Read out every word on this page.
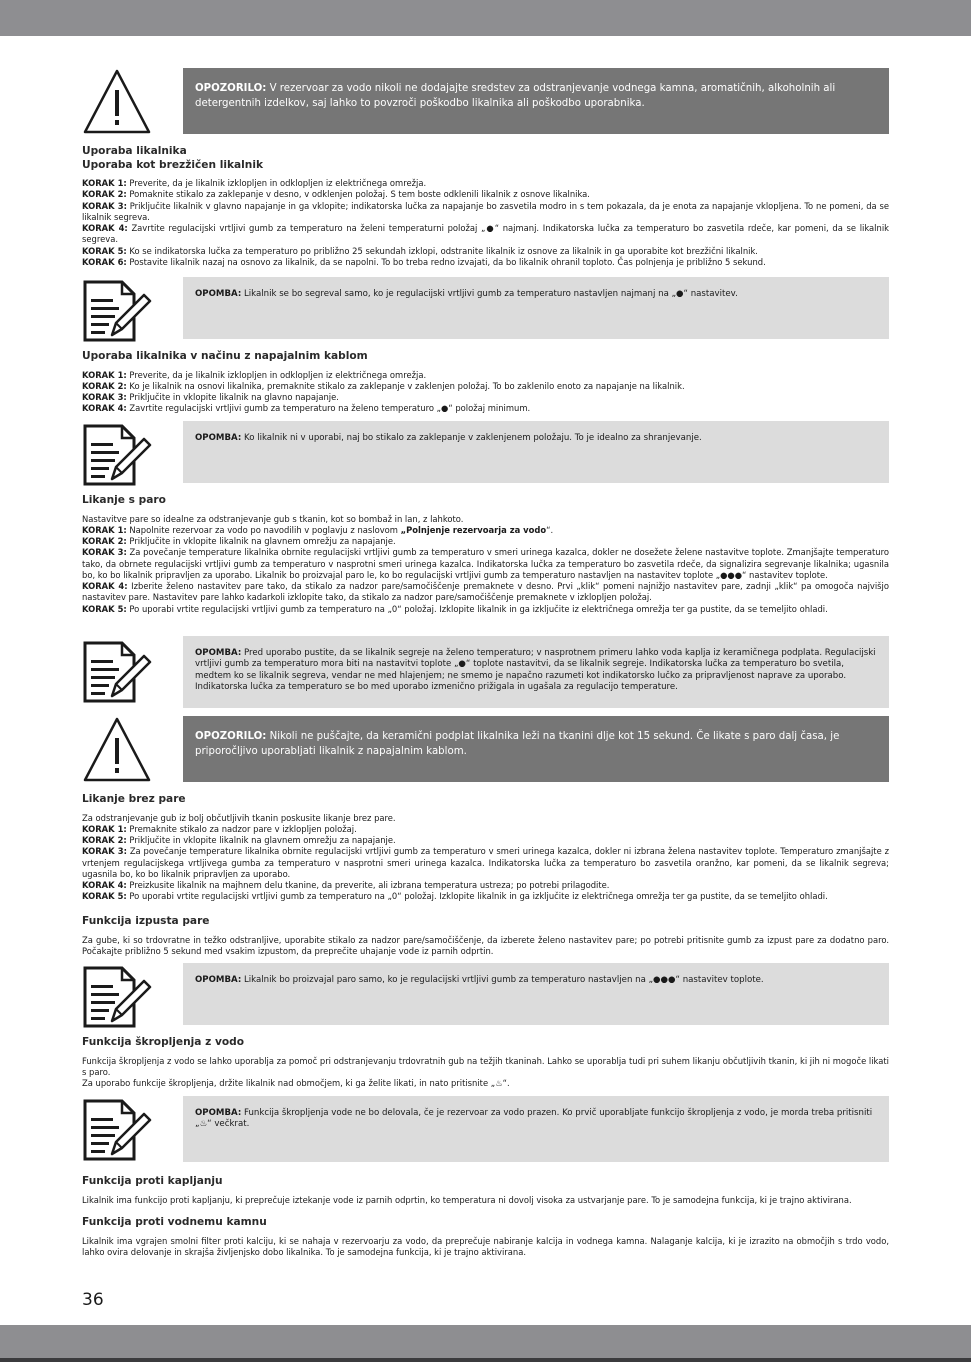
OPOZORILO: V rezervoar za vodo nikoli ne dodajajte sredstev za odstranjevanje vodnega kamna, aromatičnih, alkoholnih ali detergentnih izdelkov, saj lahko to povzroči poškodbo likalnika ali poškodbo uporabnika.

Uporaba likalnika

Uporaba kot brezžičen likalnik

KORAK 1: Preverite, da je likalnik izklopljen in odklopljen iz električnega omrežja.

KORAK 2: Pomaknite stikalo za zaklepanje v desno, v odklenjen položaj. S tem boste odklenili likalnik z osnove likalnika.

KORAK 3: Priključite likalnik v glavno napajanje in ga vklopite; indikatorska lučka za napajanje bo zasvetila modro in s tem pokazala, da je enota za napajanje vklopljena. To ne pomeni, da se likalnik segreva.

KORAK 4: Zavrtite regulacijski vrtljivi gumb za temperaturo na želeni temperaturni položaj „●“ najmanj. Indikatorska lučka za temperaturo bo zasvetila rdeče, kar pomeni, da se likalnik segreva.

KORAK 5: Ko se indikatorska lučka za temperaturo po približno 25 sekundah izklopi, odstranite likalnik iz osnove za likalnik in ga uporabite kot brezžični likalnik.

KORAK 6: Postavite likalnik nazaj na osnovo za likalnik, da se napolni. To bo treba redno izvajati, da bo likalnik ohranil toploto. Čas polnjenja je približno 5 sekund.

OPOMBA: Likalnik se bo segreval samo, ko je regulacijski vrtljivi gumb za temperaturo nastavljen najmanj na „●“ nastavitev.

Uporaba likalnika v načinu z napajalnim kablom

KORAK 1: Preverite, da je likalnik izklopljen in odklopljen iz električnega omrežja.

KORAK 2: Ko je likalnik na osnovi likalnika, premaknite stikalo za zaklepanje v zaklenjen položaj. To bo zaklenilo enoto za napajanje na likalnik.

KORAK 3: Priključite in vklopite likalnik na glavno napajanje.

KORAK 4: Zavrtite regulacijski vrtljivi gumb za temperaturo na želeno temperaturo „●“ položaj minimum.

OPOMBA: Ko likalnik ni v uporabi, naj bo stikalo za zaklepanje v zaklenjenem položaju. To je idealno za shranjevanje.

Likanje s paro

Nastavitve pare so idealne za odstranjevanje gub s tkanin, kot so bombaž in lan, z lahkoto.

KORAK 1: Napolnite rezervoar za vodo po navodilih v poglavju z naslovom „Polnjenje rezervoarja za vodo“.

KORAK 2: Priključite in vklopite likalnik na glavnem omrežju za napajanje.

KORAK 3: Za povečanje temperature likalnika obrnite regulacijski vrtljivi gumb za temperaturo v smeri urinega kazalca, dokler ne dosežete želene nastavitve toplote. Zmanjšajte temperaturo tako, da obrnete regulacijski vrtljivi gumb za temperaturo v nasprotni smeri urinega kazalca. Indikatorska lučka za temperaturo bo zasvetila rdeče, da signalizira segrevanje likalnika; ugasnila bo, ko bo likalnik pripravljen za uporabo. Likalnik bo proizvajal paro le, ko bo regulacijski vrtljivi gumb za temperaturo nastavljen na nastavitev toplote „●●●“ nastavitev toplote.

KORAK 4: Izberite želeno nastavitev pare tako, da stikalo za nadzor pare/samočiščenje premaknete v desno. Prvi „klik“ pomeni najnižjo nastavitev pare, zadnji „klik“ pa omogoča najvišjo nastavitev pare. Nastavitev pare lahko kadarkoli izklopite tako, da stikalo za nadzor pare/samočiščenje premaknete v izklopljen položaj.

KORAK 5: Po uporabi vrtite regulacijski vrtljivi gumb za temperaturo na „0“ položaj. Izklopite likalnik in ga izključite iz električnega omrežja ter ga pustite, da se temeljito ohladi.

OPOMBA: Pred uporabo pustite, da se likalnik segreje na želeno temperaturo; v nasprotnem primeru lahko voda kaplja iz keramičnega podplata. Regulacijski vrtljivi gumb za temperaturo mora biti na nastavitvi toplote „●“ toplote nastavitvi, da se likalnik segreje. Indikatorska lučka za temperaturo bo svetila, medtem ko se likalnik segreva, vendar ne med hlajenjem; ne smemo je napačno razumeti kot indikatorsko lučko za pripravljenost naprave za uporabo. Indikatorska lučka za temperaturo se bo med uporabo izmenično prižigala in ugašala za regulacijo temperature.
OPOZORILO: Nikoli ne puščajte, da keramični podplat likalnika leži na tkanini dlje kot 15 sekund. Če likate s paro dalj časa, je priporočljivo uporabljati likalnik z napajalnim kablom.

Likanje brez pare

Za odstranjevanje gub iz bolj občutljivih tkanin poskusite likanje brez pare.

KORAK 1: Premaknite stikalo za nadzor pare v izklopljen položaj.

KORAK 2: Priključite in vklopite likalnik na glavnem omrežju za napajanje.

KORAK 3: Za povečanje temperature likalnika obrnite regulacijski vrtljivi gumb za temperaturo v smeri urinega kazalca, dokler ni izbrana želena nastavitev toplote. Temperaturo zmanjšajte z vrtenjem regulacijskega vrtljivega gumba za temperaturo v nasprotni smeri urinega kazalca. Indikatorska lučka za temperaturo bo zasvetila oranžno, kar pomeni, da se likalnik segreva; ugasnila bo, ko bo likalnik pripravljen za uporabo.

KORAK 4: Preizkusite likalnik na majhnem delu tkanine, da preverite, ali izbrana temperatura ustreza; po potrebi prilagodite.

KORAK 5: Po uporabi vrtite regulacijski vrtljivi gumb za temperaturo na „0“ položaj. Izklopite likalnik in ga izključite iz električnega omrežja ter ga pustite, da se temeljito ohladi.

Funkcija izpusta pare

Za gube, ki so trdovratne in težko odstranljive, uporabite stikalo za nadzor pare/samočiščenje, da izberete želeno nastavitev pare; po potrebi pritisnite gumb za izpust pare za dodatno paro. Počakajte približno 5 sekund med vsakim izpustom, da preprečite uhajanje vode iz parnih odprtin.

OPOMBA: Likalnik bo proizvajal paro samo, ko je regulacijski vrtljivi gumb za temperaturo nastavljen na „●●●“ nastavitev toplote.

Funkcija škropljenja z vodo

Funkcija škropljenja z vodo se lahko uporablja za pomoč pri odstranjevanju trdovratnih gub na težjih tkaninah. Lahko se uporablja tudi pri suhem likanju občutljivih tkanin, ki jih ni mogoče likati s paro.

Za uporabo funkcije škropljenja, držite likalnik nad območjem, ki ga želite likati, in nato pritisnite „♨“.

OPOMBA: Funkcija škropljenja vode ne bo delovala, če je rezervoar za vodo prazen. Ko prvič uporabljate funkcijo škropljenja z vodo, je morda treba pritisniti „♨“ večkrat.

Funkcija proti kapljanju

Likalnik ima funkcijo proti kapljanju, ki preprečuje iztekanje vode iz parnih odprtin, ko temperatura ni dovolj visoka za ustvarjanje pare. To je samodejna funkcija, ki je trajno aktivirana.

Funkcija proti vodnemu kamnu

Likalnik ima vgrajen smolni filter proti kalciju, ki se nahaja v rezervoarju za vodo, da preprečuje nabiranje kalcija in vodnega kamna. Nalaganje kalcija, ki je izrazito na območjih s trdo vodo, lahko ovira delovanje in skrajša življenjsko dobo likalnika. To je samodejna funkcija, ki je trajno aktivirana.

36
